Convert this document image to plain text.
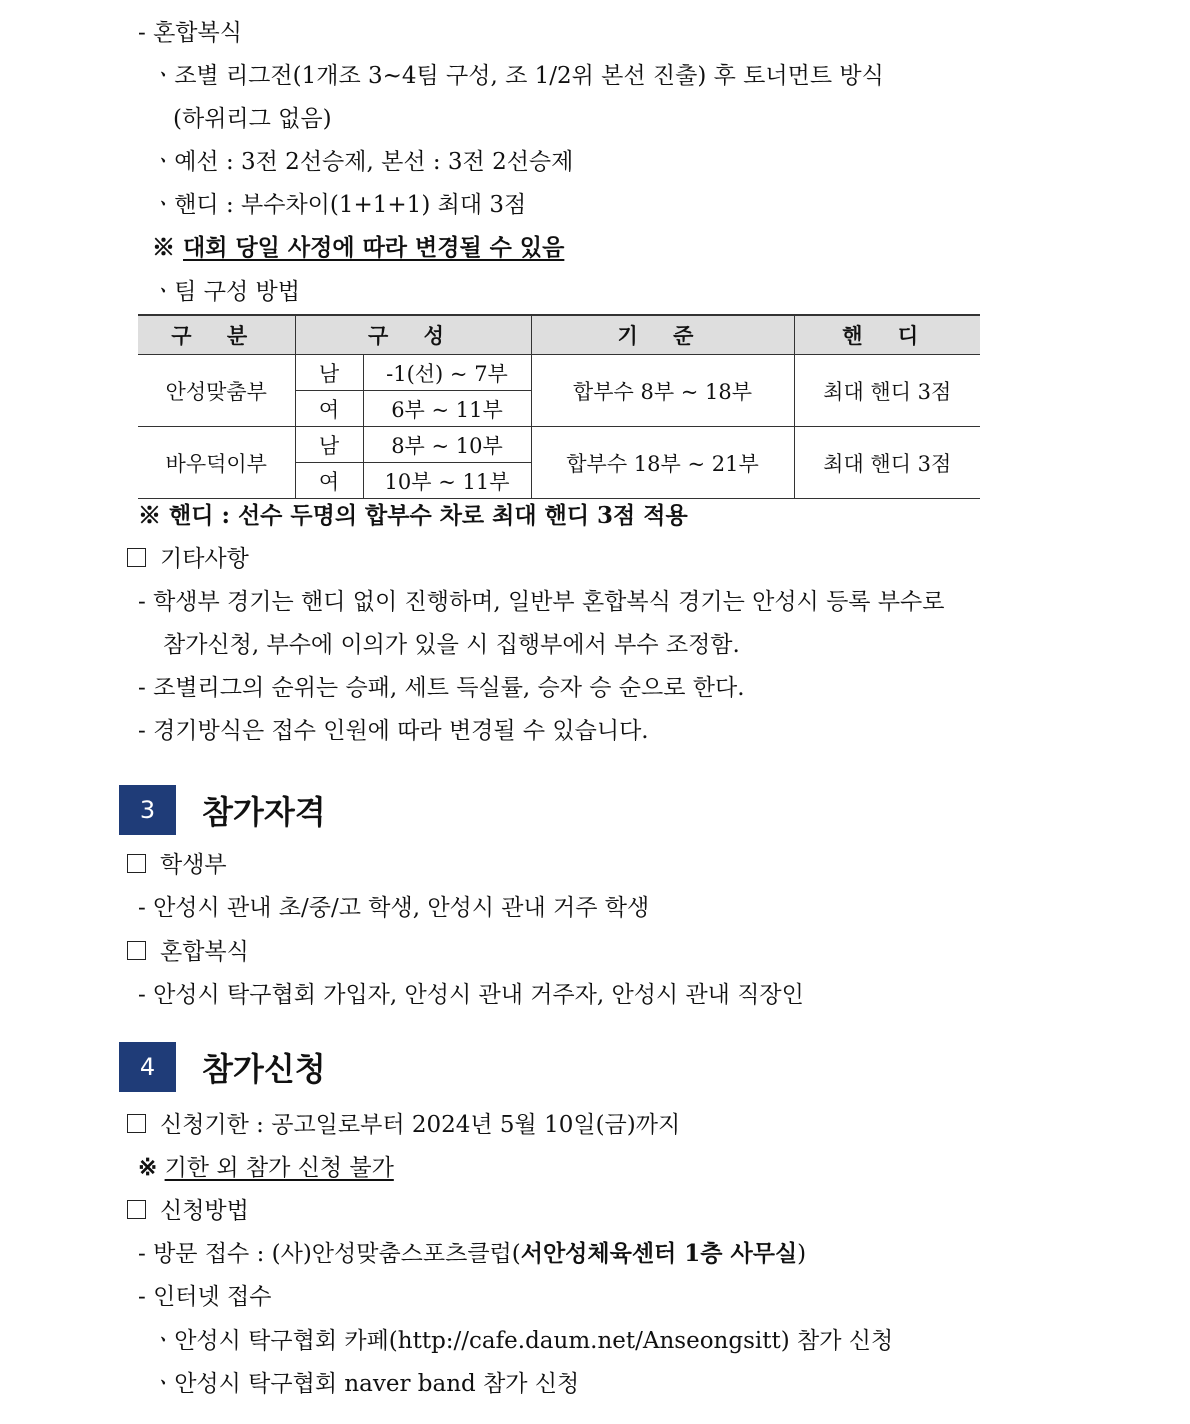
- 혼합복식
ㆍ조별 리그전(1개조 3~4팀 구성, 조 1/2위 본선 진출) 후 토너먼트 방식
(하위리그 없음)
ㆍ예선 : 3전 2선승제, 본선 : 3전 2선승제
ㆍ핸디 : 부수차이(1+1+1) 최대 3점
※ 대회 당일 사정에 따라 변경될 수 있음
ㆍ팀 구성 방법
구 분	구 성		기 준	핸 디
안성맞춤부	남	-1(선) ~ 7부	합부수 8부 ~ 18부	최대 핸디 3점
	여	6부 ~ 11부		
바우덕이부	남	8부 ~ 10부	합부수 18부 ~ 21부	최대 핸디 3점
	여	10부 ~ 11부		
※ 핸디 : 선수 두명의 합부수 차로 최대 핸디 3점 적용
기타사항
- 학생부 경기는 핸디 없이 진행하며, 일반부 혼합복식 경기는 안성시 등록 부수로
참가신청, 부수에 이의가 있을 시 집행부에서 부수 조정함.
- 조별리그의 순위는 승패, 세트 득실률, 승자 승 순으로 한다.
- 경기방식은 접수 인원에 따라 변경될 수 있습니다.
3	참가자격
학생부
- 안성시 관내 초/중/고 학생, 안성시 관내 거주 학생
혼합복식
- 안성시 탁구협회 가입자, 안성시 관내 거주자, 안성시 관내 직장인
4	참가신청
신청기한 : 공고일로부터 2024년 5월 10일(금)까지
※ 기한 외 참가 신청 불가
신청방법
- 방문 접수 : (사)안성맞춤스포츠클럽(서안성체육센터 1층 사무실)
- 인터넷 접수
ㆍ안성시 탁구협회 카페(http://cafe.daum.net/Anseongsitt) 참가 신청
ㆍ안성시 탁구협회 naver band 참가 신청
